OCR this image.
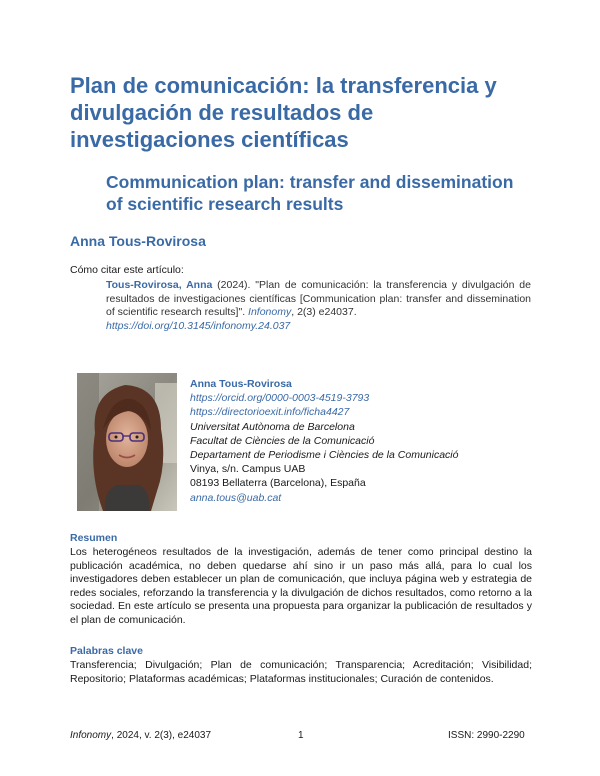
Plan de comunicación: la transferencia y divulgación de resultados de investigaciones científicas
Communication plan: transfer and dissemination of scientific research results
Anna Tous-Rovirosa
Cómo citar este artículo:
Tous-Rovirosa, Anna (2024). "Plan de comunicación: la transferencia y divulgación de resultados de investigaciones científicas [Communication plan: transfer and dissemination of scientific research results]". Infonomy, 2(3) e24037.
https://doi.org/10.3145/infonomy.24.037
Anna Tous-Rovirosa
https://orcid.org/0000-0003-4519-3793
https://directorioexit.info/ficha4427
Universitat Autònoma de Barcelona
Facultat de Ciències de la Comunicació
Departament de Periodisme i Ciències de la Comunicació
Vinya, s/n. Campus UAB
08193 Bellaterra (Barcelona), España
anna.tous@uab.cat
Resumen
Los heterogéneos resultados de la investigación, además de tener como principal destino la publicación académica, no deben quedarse ahí sino ir un paso más allá, para lo cual los investigadores deben establecer un plan de comunicación, que incluya página web y estrategia de redes sociales, reforzando la transferencia y la divulgación de dichos resultados, como retorno a la sociedad. En este artículo se presenta una propuesta para organizar la publicación de resultados y el plan de comunicación.
Palabras clave
Transferencia; Divulgación; Plan de comunicación; Transparencia; Acreditación; Visibilidad; Repositorio; Plataformas académicas; Plataformas institucionales; Curación de contenidos.
Infonomy, 2024, v. 2(3), e24037	1	ISSN: 2990-2290
